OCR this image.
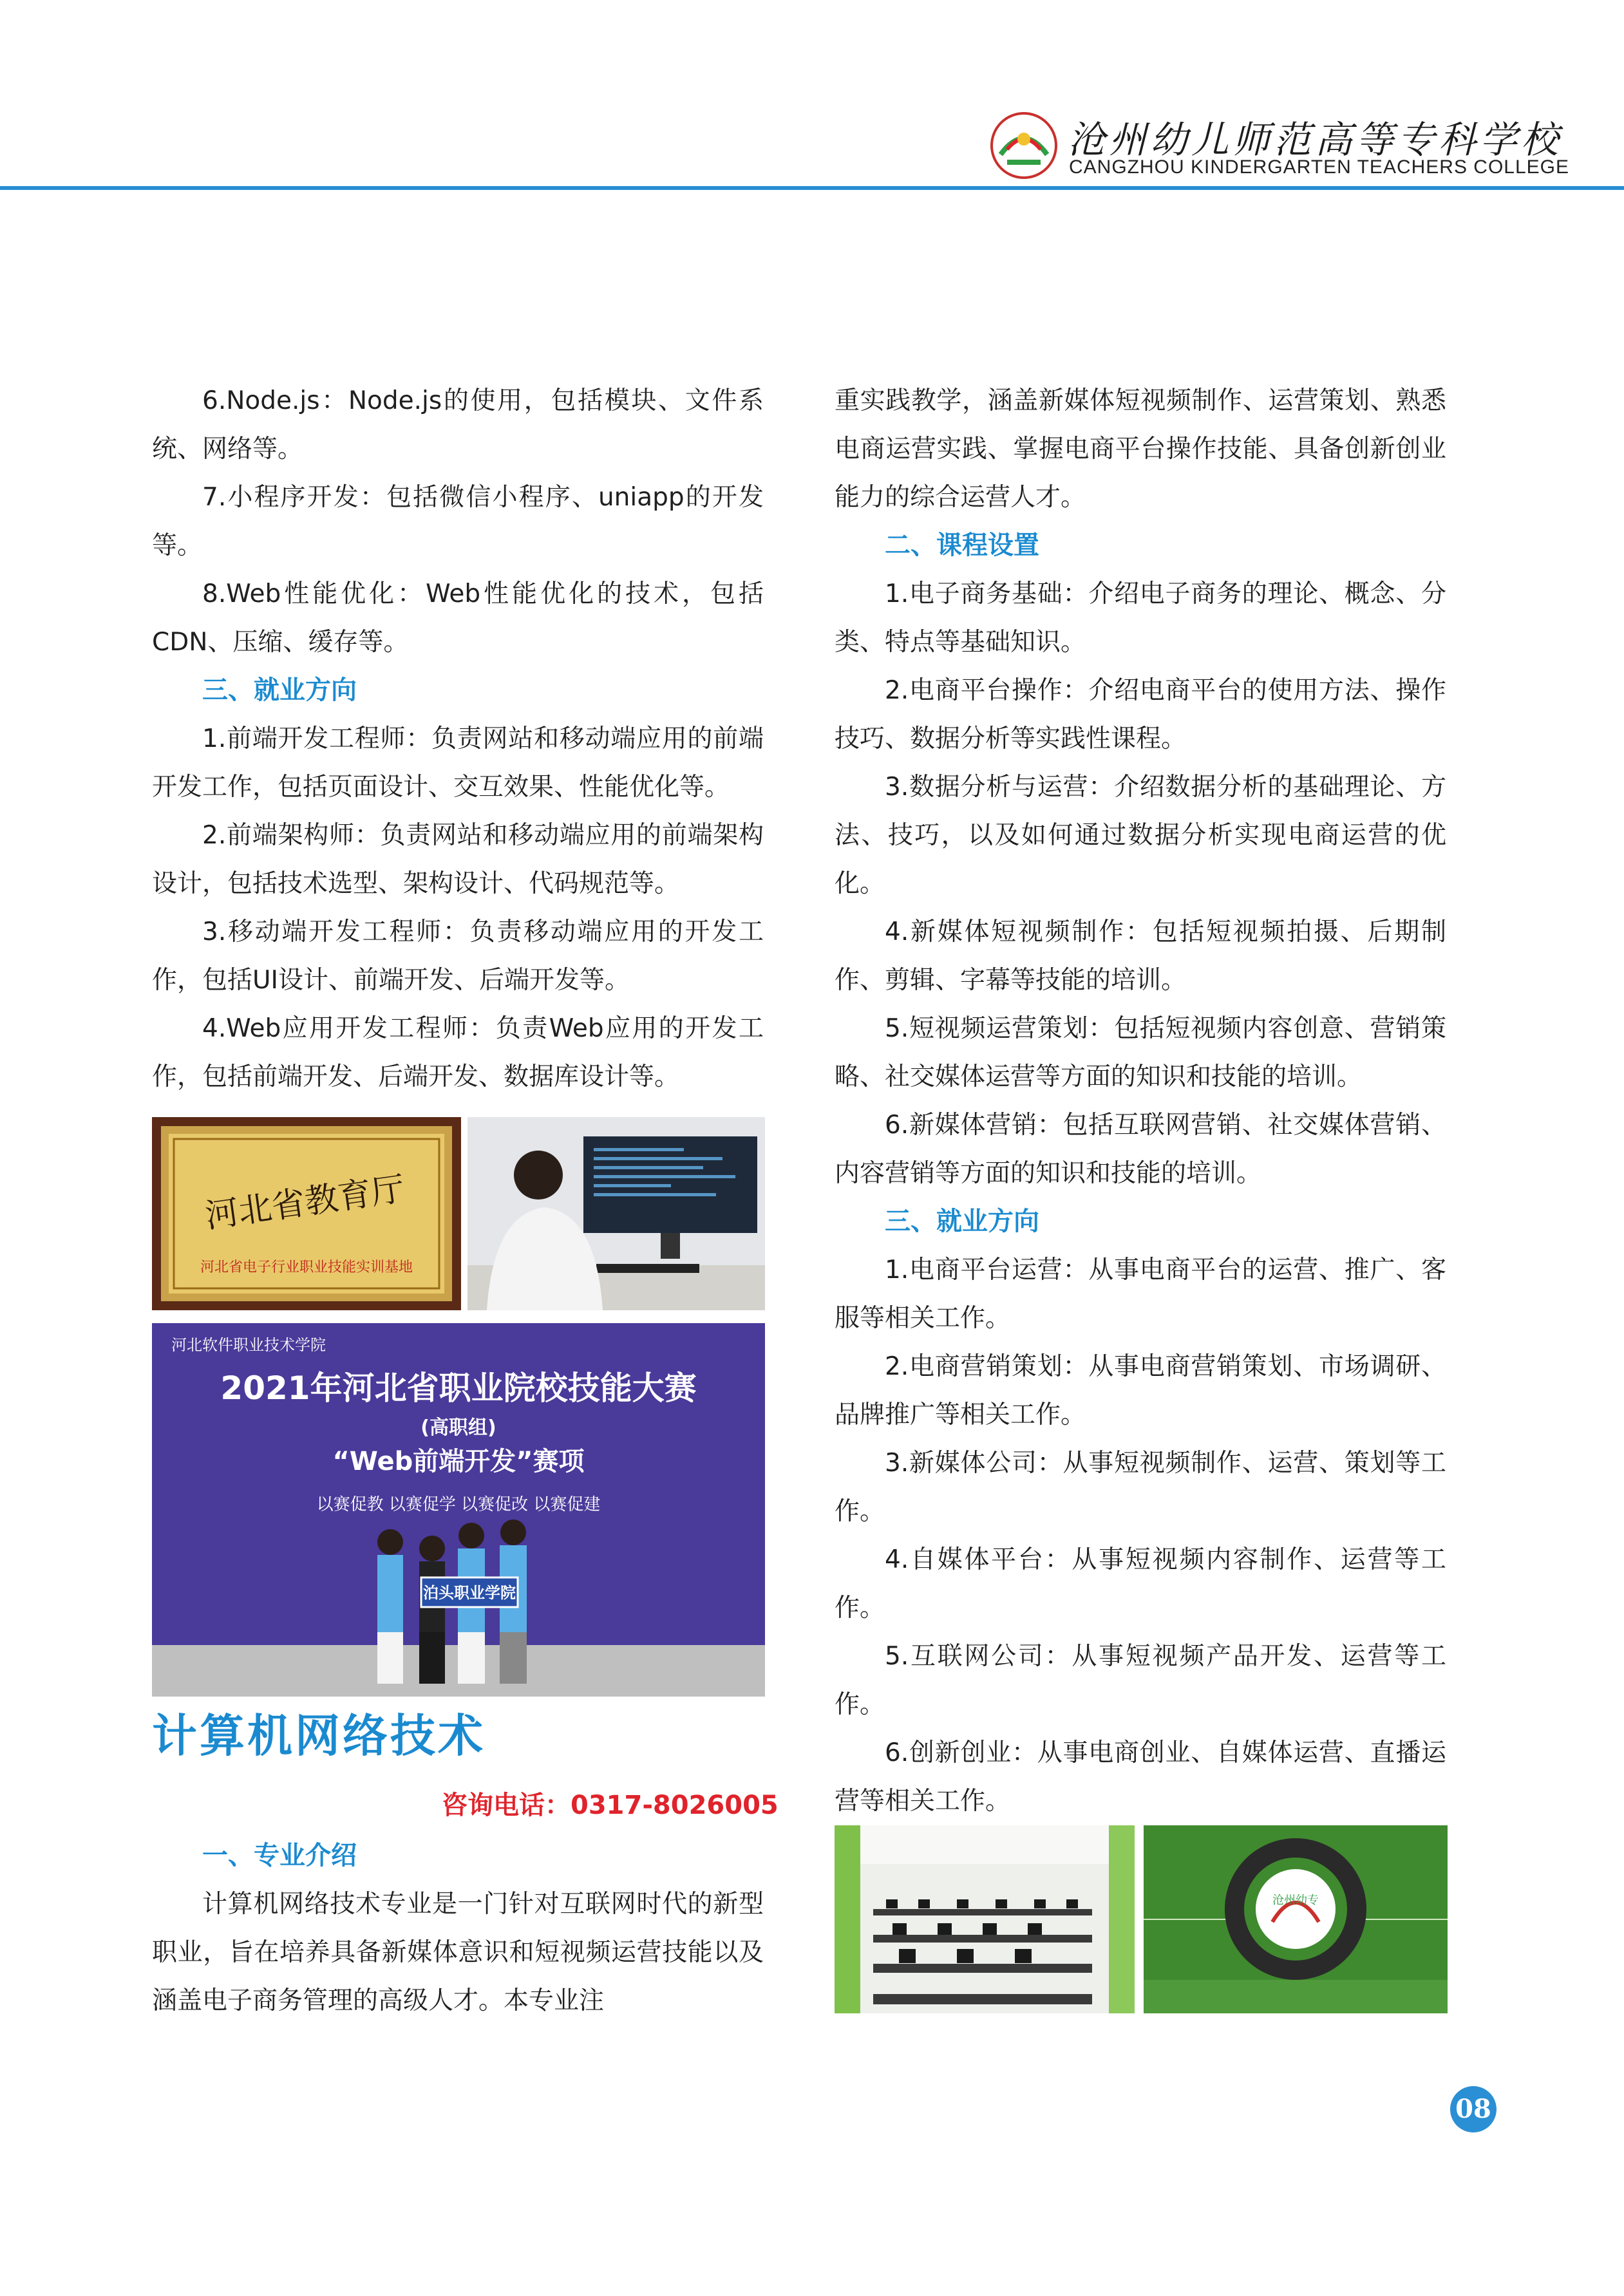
沧州幼儿师范高等专科学校
CANGZHOU KINDERGARTEN TEACHERS COLLEGE

6.Node.js：Node.js的使用，包括模块、文件系统、网络等。

7.小程序开发：包括微信小程序、uniapp的开发等。

8.Web性能优化：Web性能优化的技术，包括CDN、压缩、缓存等。

三、就业方向

1.前端开发工程师：负责网站和移动端应用的前端开发工作，包括页面设计、交互效果、性能优化等。

2.前端架构师：负责网站和移动端应用的前端架构设计，包括技术选型、架构设计、代码规范等。

3.移动端开发工程师：负责移动端应用的开发工作，包括UI设计、前端开发、后端开发等。

4.Web应用开发工程师：负责Web应用的开发工作，包括前端开发、后端开发、数据库设计等。

河北省教育厅
河北省电子行业职业技能实训基地
河北软件职业技术学院
2021年河北省职业院校技能大赛
(高职组)
“Web前端开发”赛项
以赛促教 以赛促学 以赛促改 以赛促建
泊头职业学院
计算机网络技术
咨询电话：0317-8026005

一、专业介绍

计算机网络技术专业是一门针对互联网时代的新型职业，旨在培养具备新媒体意识和短视频运营技能以及涵盖电子商务管理的高级人才。本专业注

重实践教学，涵盖新媒体短视频制作、运营策划、熟悉电商运营实践、掌握电商平台操作技能、具备创新创业能力的综合运营人才。

二、课程设置

1.电子商务基础：介绍电子商务的理论、概念、分类、特点等基础知识。

2.电商平台操作：介绍电商平台的使用方法、操作技巧、数据分析等实践性课程。

3.数据分析与运营：介绍数据分析的基础理论、方法、技巧，以及如何通过数据分析实现电商运营的优化。

4.新媒体短视频制作：包括短视频拍摄、后期制作、剪辑、字幕等技能的培训。

5.短视频运营策划：包括短视频内容创意、营销策略、社交媒体运营等方面的知识和技能的培训。

6.新媒体营销：包括互联网营销、社交媒体营销、内容营销等方面的知识和技能的培训。

三、就业方向

1.电商平台运营：从事电商平台的运营、推广、客服等相关工作。

2.电商营销策划：从事电商营销策划、市场调研、品牌推广等相关工作。

3.新媒体公司：从事短视频制作、运营、策划等工作。

4.自媒体平台：从事短视频内容制作、运营等工作。

5.互联网公司：从事短视频产品开发、运营等工作。

6.创新创业：从事电商创业、自媒体运营、直播运营等相关工作。

沧州幼专
08
